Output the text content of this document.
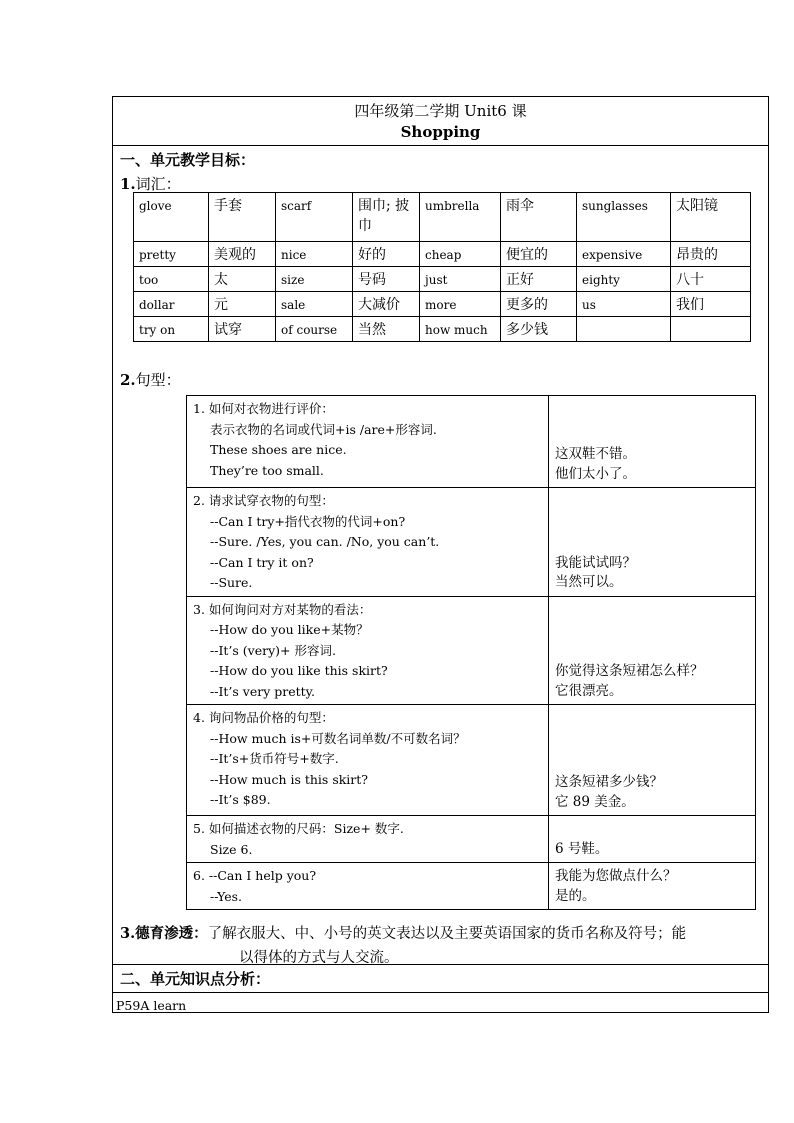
四年级第二学期 Unit6 课
Shopping
一、单元教学目标：
1.词汇：
glove	手套	scarf	围巾; 披巾	umbrella	雨伞	sunglasses	太阳镜
pretty	美观的	nice	好的	cheap	便宜的	expensive	昂贵的
too	太	size	号码	just	正好	eighty	八十
dollar	元	sale	大减价	more	更多的	us	我们
try on	试穿	of course	当然	how much	多少钱		
2.句型：
1. 如何对衣物进行评价：
表示衣物的名词或代词+is /are+形容词.
These shoes are nice.
They’re too small.	这双鞋不错。
他们太小了。

2. 请求试穿衣物的句型：
--Can I try+指代衣物的代词+on?
--Sure. /Yes, you can. /No, you can’t.
--Can I try it on?
--Sure.	我能试试吗？
当然可以。

3. 如何询问对方对某物的看法：
--How do you like+某物？
--It’s (very)+ 形容词.
--How do you like this skirt?
--It’s very pretty.	你觉得这条短裙怎么样？
它很漂亮。

4. 询问物品价格的句型：
--How much is+可数名词单数/不可数名词？
--It’s+货币符号+数字.
--How much is this skirt?
--It’s $89.	这条短裙多少钱？
它 89 美金。

5. 如何描述衣物的尺码：Size+ 数字.
Size 6.	6 号鞋。

6. --Can I help you?
--Yes.	我能为您做点什么？
是的。
3.德育渗透：了解衣服大、中、小号的英文表达以及主要英语国家的货币名称及符号；能
以得体的方式与人交流。
二、单元知识点分析：
P59A learn
